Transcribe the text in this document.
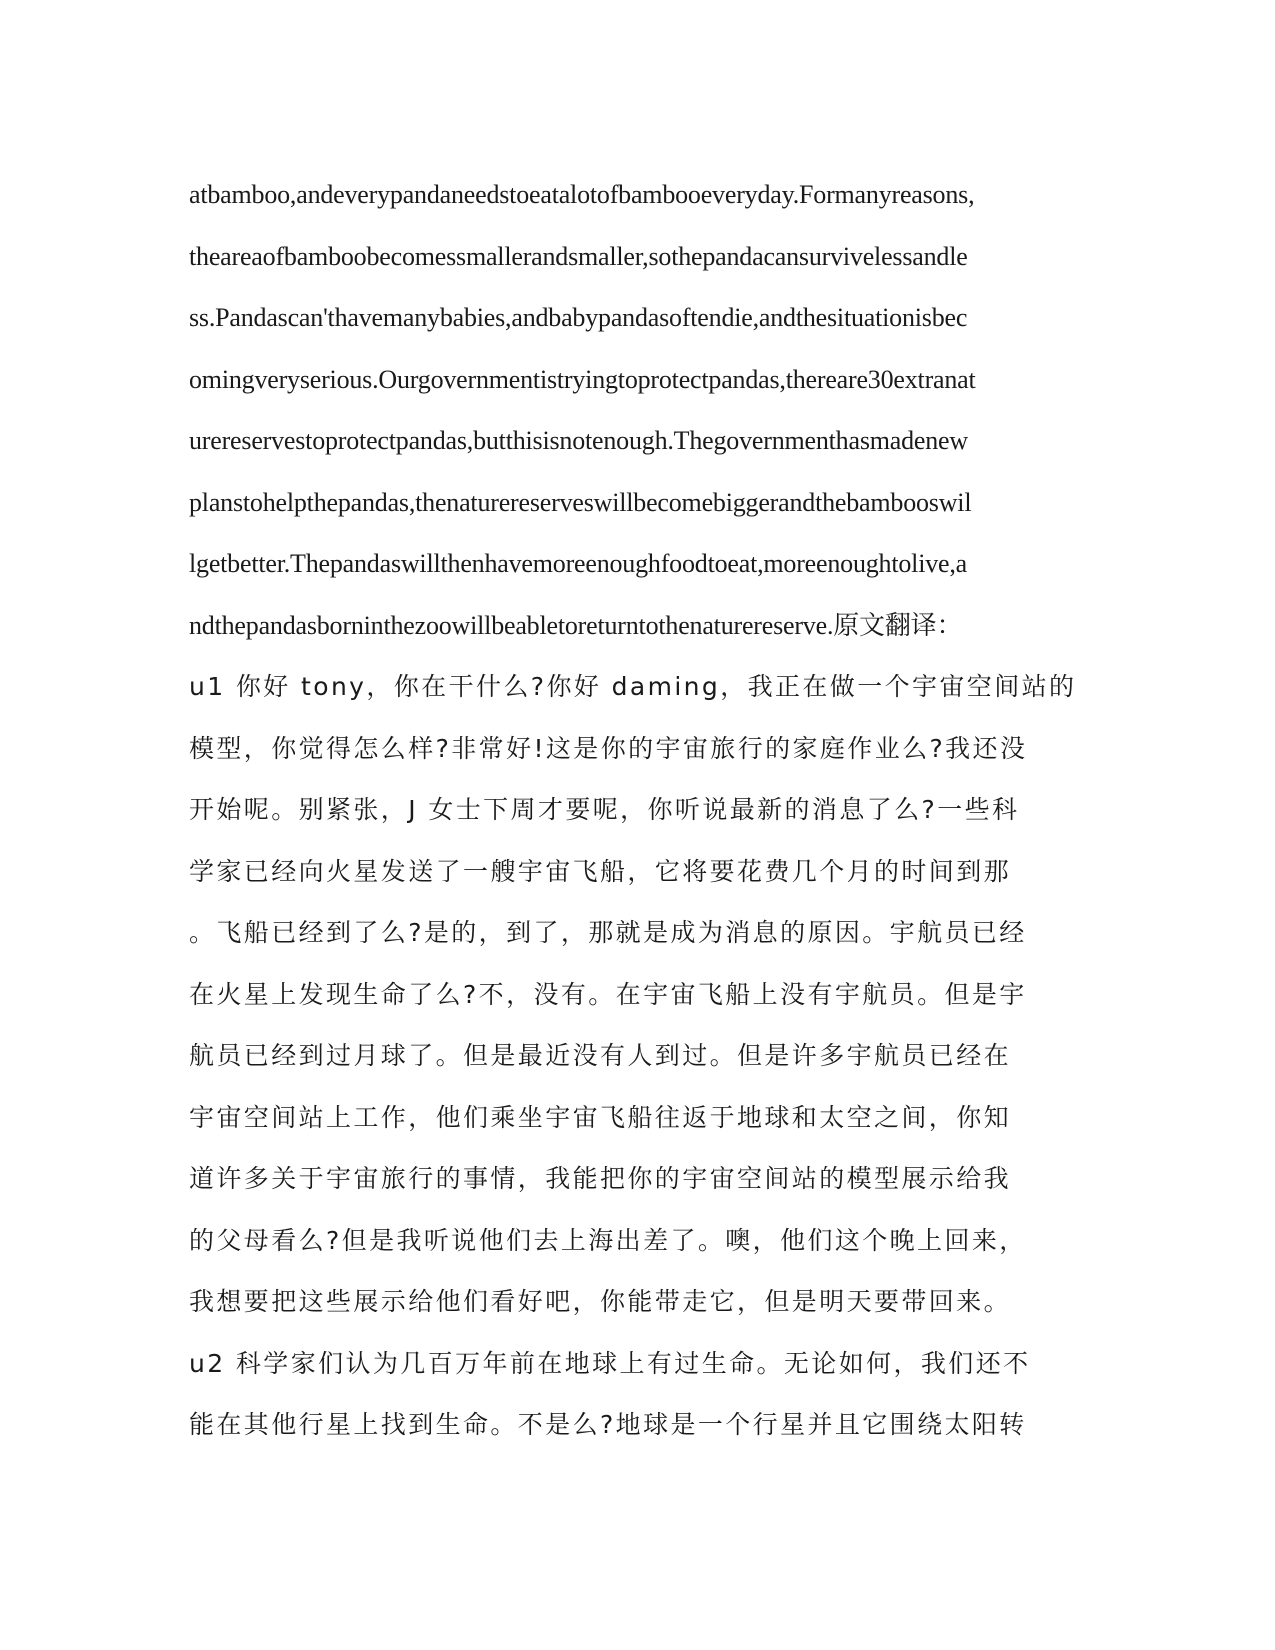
atbamboo,andeverypandaneedstoeatalotofbambooeveryday.Formanyreasons,
theareaofbamboobecomessmallerandsmaller,sothepandacansurvivelessandle
ss.Pandascan'thavemanybabies,andbabypandasoftendie,andthesituationisbec
omingveryserious.Ourgovernmentistryingtoprotectpandas,thereare30extranat
urereservestoprotectpandas,butthisisnotenough.Thegovernmenthasmadenew
planstohelpthepandas,thenaturereserveswillbecomebiggerandthebambooswil
lgetbetter.Thepandaswillthenhavemoreenoughfoodtoeat,moreenoughtolive,a
ndthepandasborninthezoowillbeabletoreturntothenaturereserve.原文翻译：
u1 你好 tony，你在干什么?你好 daming，我正在做一个宇宙空间站的
模型，你觉得怎么样?非常好!这是你的宇宙旅行的家庭作业么?我还没
开始呢。别紧张，J 女士下周才要呢，你听说最新的消息了么?一些科
学家已经向火星发送了一艘宇宙飞船，它将要花费几个月的时间到那
。飞船已经到了么?是的，到了，那就是成为消息的原因。宇航员已经
在火星上发现生命了么?不，没有。在宇宙飞船上没有宇航员。但是宇
航员已经到过月球了。但是最近没有人到过。但是许多宇航员已经在
宇宙空间站上工作，他们乘坐宇宙飞船往返于地球和太空之间，你知
道许多关于宇宙旅行的事情，我能把你的宇宙空间站的模型展示给我
的父母看么?但是我听说他们去上海出差了。噢，他们这个晚上回来，
我想要把这些展示给他们看好吧，你能带走它，但是明天要带回来。
u2 科学家们认为几百万年前在地球上有过生命。无论如何，我们还不
能在其他行星上找到生命。不是么?地球是一个行星并且它围绕太阳转
